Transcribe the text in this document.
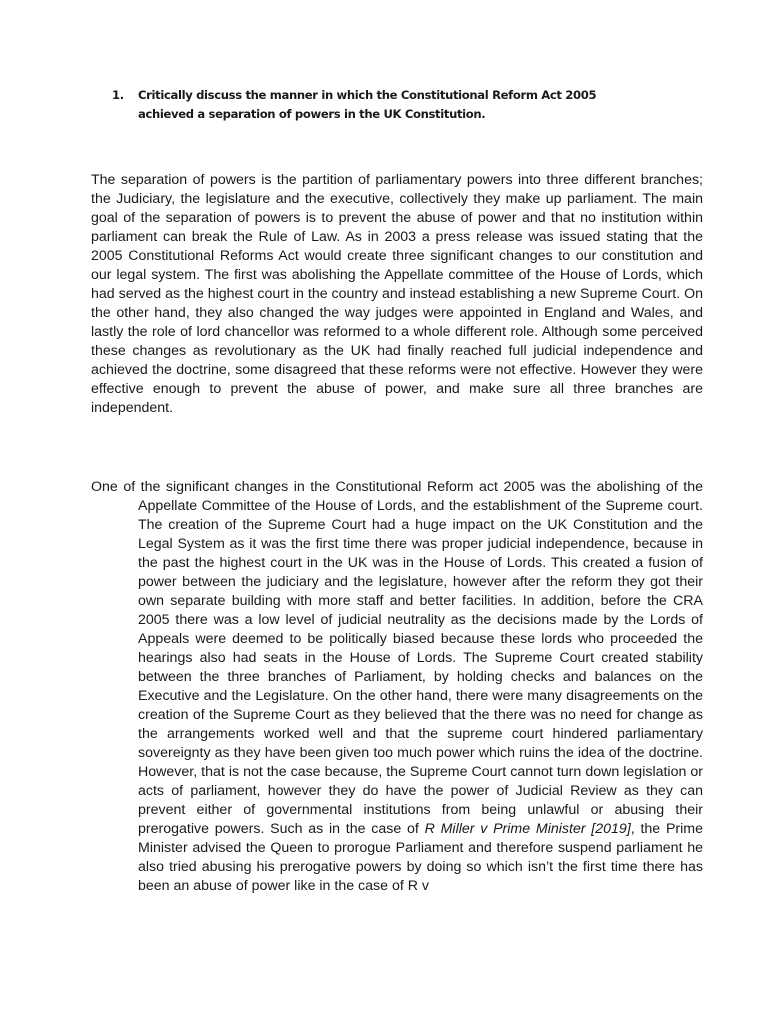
1.	Critically discuss the manner in which the Constitutional Reform Act 2005 achieved a separation of powers in the UK Constitution.

The separation of powers is the partition of parliamentary powers into three different branches; the Judiciary, the legislature and the executive, collectively they make up parliament. The main goal of the separation of powers is to prevent the abuse of power and that no institution within parliament can break the Rule of Law. As in 2003 a press release was issued stating that the 2005 Constitutional Reforms Act would create three significant changes to our constitution and our legal system. The first was abolishing the Appellate committee of the House of Lords, which had served as the highest court in the country and instead establishing a new Supreme Court. On the other hand, they also changed the way judges were appointed in England and Wales, and lastly the role of lord chancellor was reformed to a whole different role. Although some perceived these changes as revolutionary as the UK had finally reached full judicial independence and achieved the doctrine, some disagreed that these reforms were not effective. However they were effective enough to prevent the abuse of power, and make sure all three branches are independent.

One of the significant changes in the Constitutional Reform act 2005 was the abolishing of the Appellate Committee of the House of Lords, and the establishment of the Supreme court. The creation of the Supreme Court had a huge impact on the UK Constitution and the Legal System as it was the first time there was proper judicial independence, because in the past the highest court in the UK was in the House of Lords. This created a fusion of power between the judiciary and the legislature, however after the reform they got their own separate building with more staff and better facilities. In addition, before the CRA 2005 there was a low level of judicial neutrality as the decisions made by the Lords of Appeals were deemed to be politically biased because these lords who proceeded the hearings also had seats in the House of Lords. The Supreme Court created stability between the three branches of Parliament, by holding checks and balances on the Executive and the Legislature. On the other hand, there were many disagreements on the creation of the Supreme Court as they believed that the there was no need for change as the arrangements worked well and that the supreme court hindered parliamentary sovereignty as they have been given too much power which ruins the idea of the doctrine. However, that is not the case because, the Supreme Court cannot turn down legislation or acts of parliament, however they do have the power of Judicial Review as they can prevent either of governmental institutions from being unlawful or abusing their prerogative powers. Such as in the case of R Miller v Prime Minister [2019], the Prime Minister advised the Queen to prorogue Parliament and therefore suspend parliament he also tried abusing his prerogative powers by doing so which isn’t the first time there has been an abuse of power like in the case of R v
